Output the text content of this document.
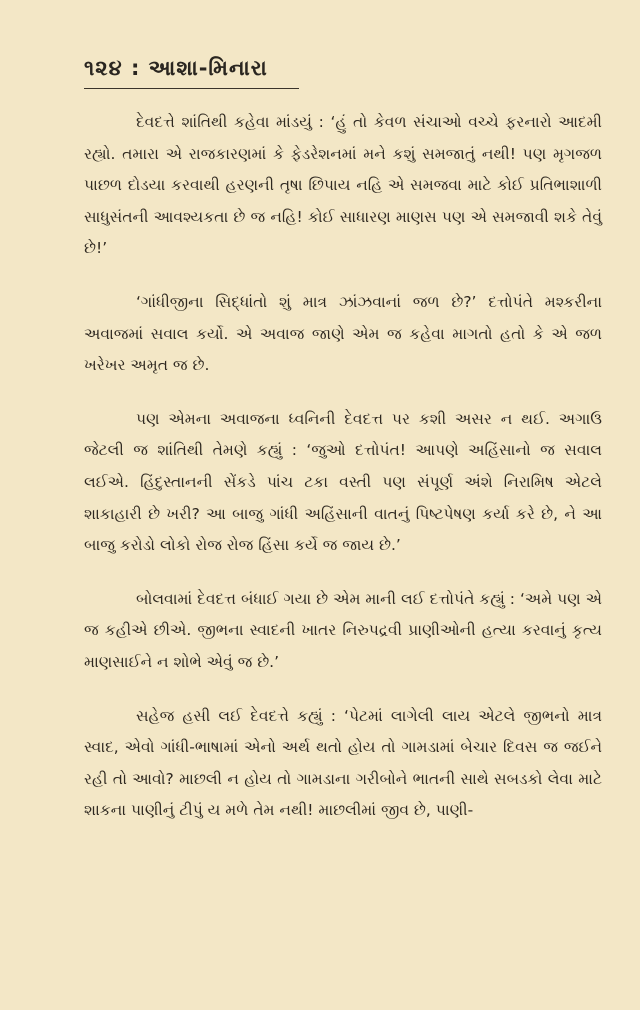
૧૨૪ : આશા-મિનારા

દેવદત્તે શાંતિથી કહેવા માંડયું : ‘હું તો કેવળ સંચાઓ વચ્ચે ફરનારો આદમી રહ્યો. તમારા એ રાજકારણમાં કે ફેડરેશનમાં મને કશું સમજાતું નથી! પણ મૃગજળ પાછળ દોડયા કરવાથી હરણની તૃષા છિપાય નહિ એ સમજવા માટે કોઈ પ્રતિભાશાળી સાધુસંતની આવશ્યકતા છે જ નહિ! કોઈ સાધારણ માણસ પણ એ સમજાવી શકે તેવું છે!’

‘ગાંધીજીના સિદ્ધાંતો શું માત્ર ઝાંઝવાનાં જળ છે?’ દત્તોપંતે મશ્કરીના અવાજમાં સવાલ કર્યો. એ અવાજ જાણે એમ જ કહેવા માગતો હતો કે એ જળ ખરેખર અમૃત જ છે.

પણ એમના અવાજના ધ્વનિની દેવદત્ત પર કશી અસર ન થઈ. અગાઉ જેટલી જ શાંતિથી તેમણે કહ્યું : ‘જુઓ દત્તોપંત! આપણે અહિંસાનો જ સવાલ લઈએ. હિંદુસ્તાનની સેંકડે પાંચ ટકા વસ્તી પણ સંપૂર્ણ અંશે નિરામિષ એટલે શાકાહારી છે ખરી? આ બાજુ ગાંધી અહિંસાની વાતનું પિષ્ટપેષણ કર્યા કરે છે, ને આ બાજુ કરોડો લોકો રોજ રોજ હિંસા કર્યે જ જાય છે.’

બોલવામાં દેવદત્ત બંધાઈ ગયા છે એમ માની લઈ દત્તોપંતે કહ્યું : ‘અમે પણ એ જ કહીએ છીએ. જીભના સ્વાદની ખાતર નિરુપદ્રવી પ્રાણીઓની હત્યા કરવાનું કૃત્ય માણસાઈને ન શોભે એવું જ છે.’

સહેજ હસી લઈ દેવદત્તે કહ્યું : ‘પેટમાં લાગેલી લાય એટલે જીભનો માત્ર સ્વાદ, એવો ગાંધી-ભાષામાં એનો અર્થ થતો હોય તો ગામડામાં બેચાર દિવસ જ જઈને રહી તો આવો? માછલી ન હોય તો ગામડાના ગરીબોને ભાતની સાથે સબડકો લેવા માટે શાકના પાણીનું ટીપું ય મળે તેમ નથી! માછલીમાં જીવ છે, પાણી-
